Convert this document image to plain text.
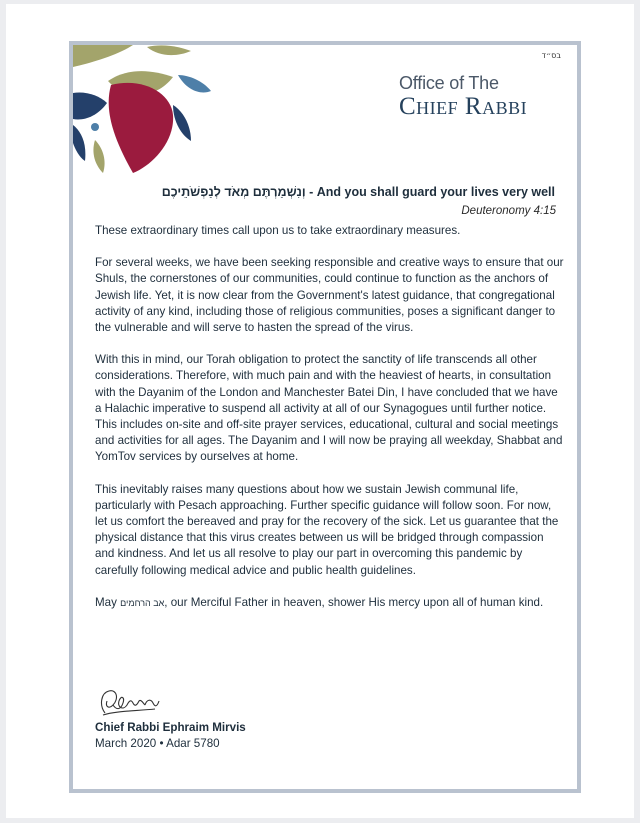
בס״ד
Office of The
Chief Rabbi
וְנִשְׁמַרְתֶּם מְאֹד לְנַפְשֹׁתֵיכֶם - And you shall guard your lives very well
Deuteronomy 4:15

These extraordinary times call upon us to take extraordinary measures.

For several weeks, we have been seeking responsible and creative ways to ensure that our Shuls, the cornerstones of our communities, could continue to function as the anchors of Jewish life. Yet, it is now clear from the Government's latest guidance, that congregational activity of any kind, including those of religious communities, poses a significant danger to the vulnerable and will serve to hasten the spread of the virus.

With this in mind, our Torah obligation to protect the sanctity of life transcends all other considerations. Therefore, with much pain and with the heaviest of hearts, in consultation with the Dayanim of the London and Manchester Batei Din, I have concluded that we have a Halachic imperative to suspend all activity at all of our Synagogues until further notice. This includes on-site and off-site prayer services, educational, cultural and social meetings and activities for all ages. The Dayanim and I will now be praying all weekday, Shabbat and YomTov services by ourselves at home.

This inevitably raises many questions about how we sustain Jewish communal life, particularly with Pesach approaching. Further specific guidance will follow soon. For now, let us comfort the bereaved and pray for the recovery of the sick. Let us guarantee that the physical distance that this virus creates between us will be bridged through compassion and kindness. And let us all resolve to play our part in overcoming this pandemic by carefully following medical advice and public health guidelines.

May אב הרחמים, our Merciful Father in heaven, shower His mercy upon all of human kind.

Chief Rabbi Ephraim Mirvis
March 2020 • Adar 5780
